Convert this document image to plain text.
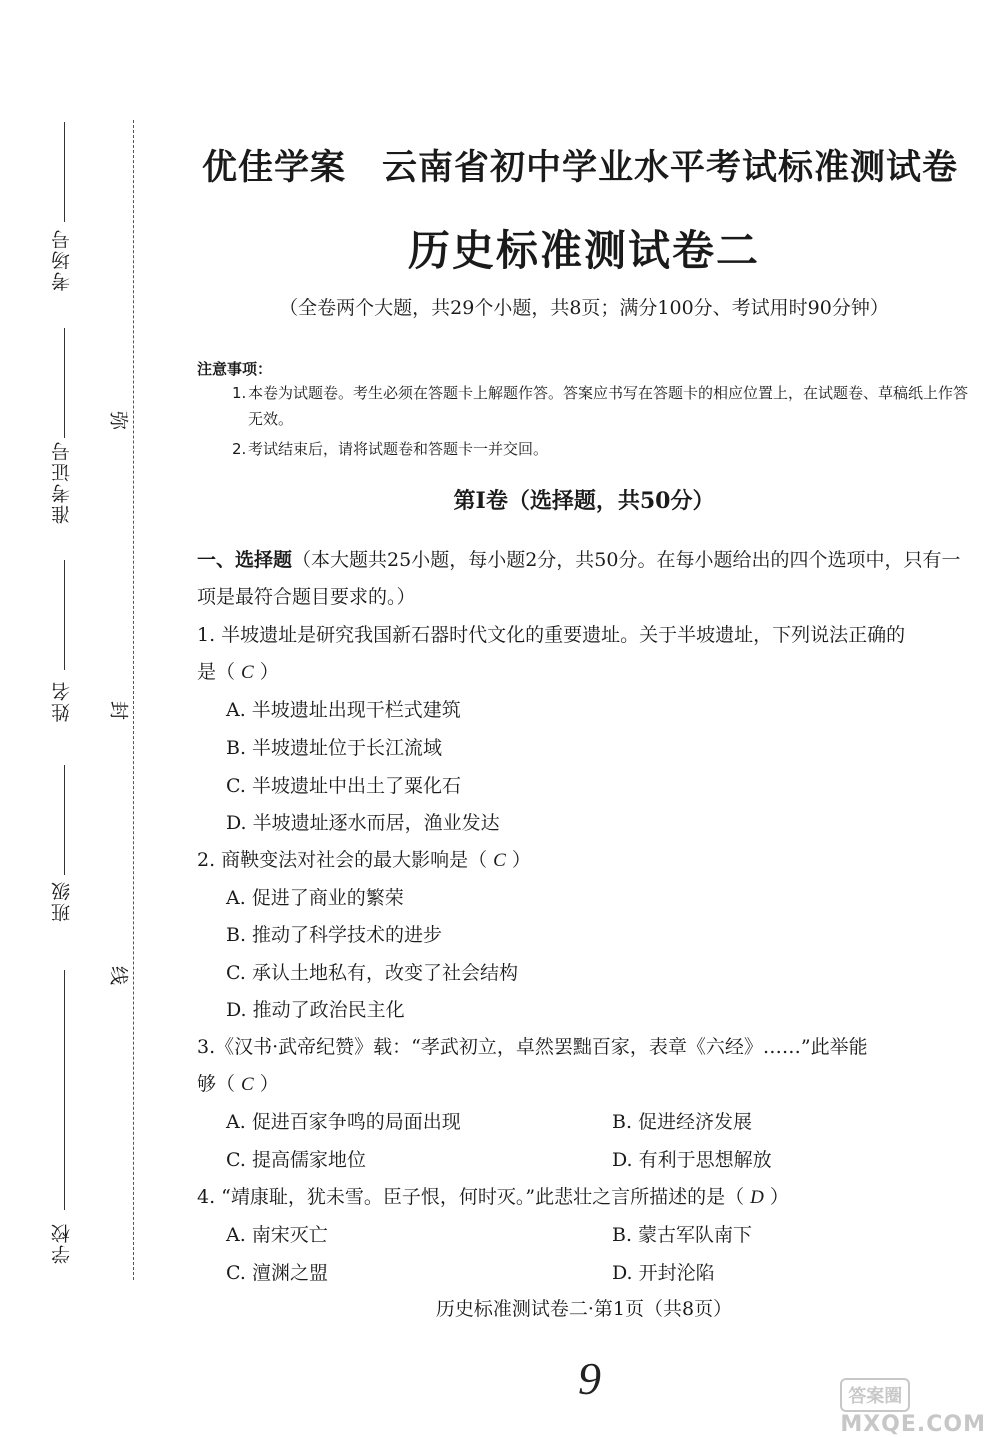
考场号
准考证号
姓名
班级
学校
弥
封
线
优佳学案　云南省初中学业水平考试标准测试卷
历史标准测试卷二
（全卷两个大题，共29个小题，共8页；满分100分、考试用时90分钟）
注意事项：
1. 本卷为试题卷。考生必须在答题卡上解题作答。答案应书写在答题卡的相应位置上，在试题卷、草稿纸上作答无效。
2. 考试结束后，请将试题卷和答题卡一并交回。
第Ⅰ卷（选择题，共50分）
一、选择题（本大题共25小题，每小题2分，共50分。在每小题给出的四个选项中，只有一项是最符合题目要求的。）
1. 半坡遗址是研究我国新石器时代文化的重要遗址。关于半坡遗址，下列说法正确的
是（ C ）
A. 半坡遗址出现干栏式建筑
B. 半坡遗址位于长江流域
C. 半坡遗址中出土了粟化石
D. 半坡遗址逐水而居，渔业发达
2. 商鞅变法对社会的最大影响是（ C ）
A. 促进了商业的繁荣
B. 推动了科学技术的进步
C. 承认土地私有，改变了社会结构
D. 推动了政治民主化
3.《汉书·武帝纪赞》载：“孝武初立，卓然罢黜百家，表章《六经》……”此举能
够（ C ）
A. 促进百家争鸣的局面出现	B. 促进经济发展
C. 提高儒家地位	D. 有利于思想解放
4. “靖康耻，犹未雪。臣子恨，何时灭。”此悲壮之言所描述的是（ D ）
A. 南宋灭亡	B. 蒙古军队南下
C. 澶渊之盟	D. 开封沦陷
历史标准测试卷二·第1页（共8页）
9	答案圈
MXQE.COM
